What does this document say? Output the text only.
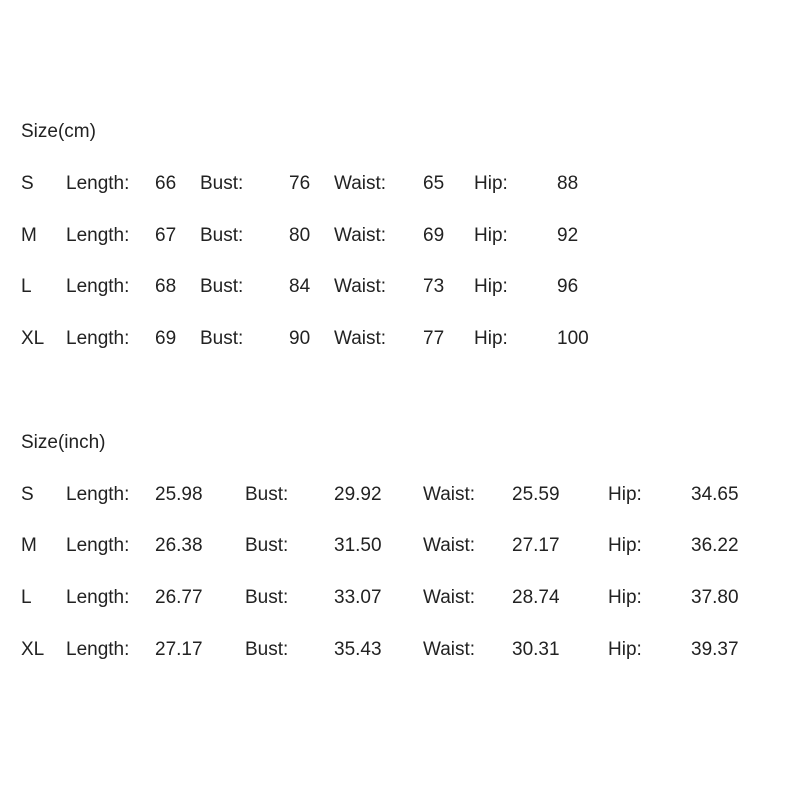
Size(cm)
S Length: 66 Bust: 76 Waist: 65 Hip:	88
M Length: 67 Bust: 80 Waist: 69 Hip:	92
L Length: 68 Bust: 84 Waist: 73 Hip:	96
XL Length: 69 Bust: 90 Waist: 77 Hip:	100
Size(inch)
S Length: 25.98 Bust: 29.92 Waist: 25.59	Hip:	34.65
M Length: 26.38 Bust: 31.50 Waist: 27.17	Hip:	36.22
L Length: 26.77 Bust: 33.07 Waist: 28.74	Hip:	37.80
XL Length: 27.17 Bust: 35.43 Waist: 30.31	Hip:	39.37
